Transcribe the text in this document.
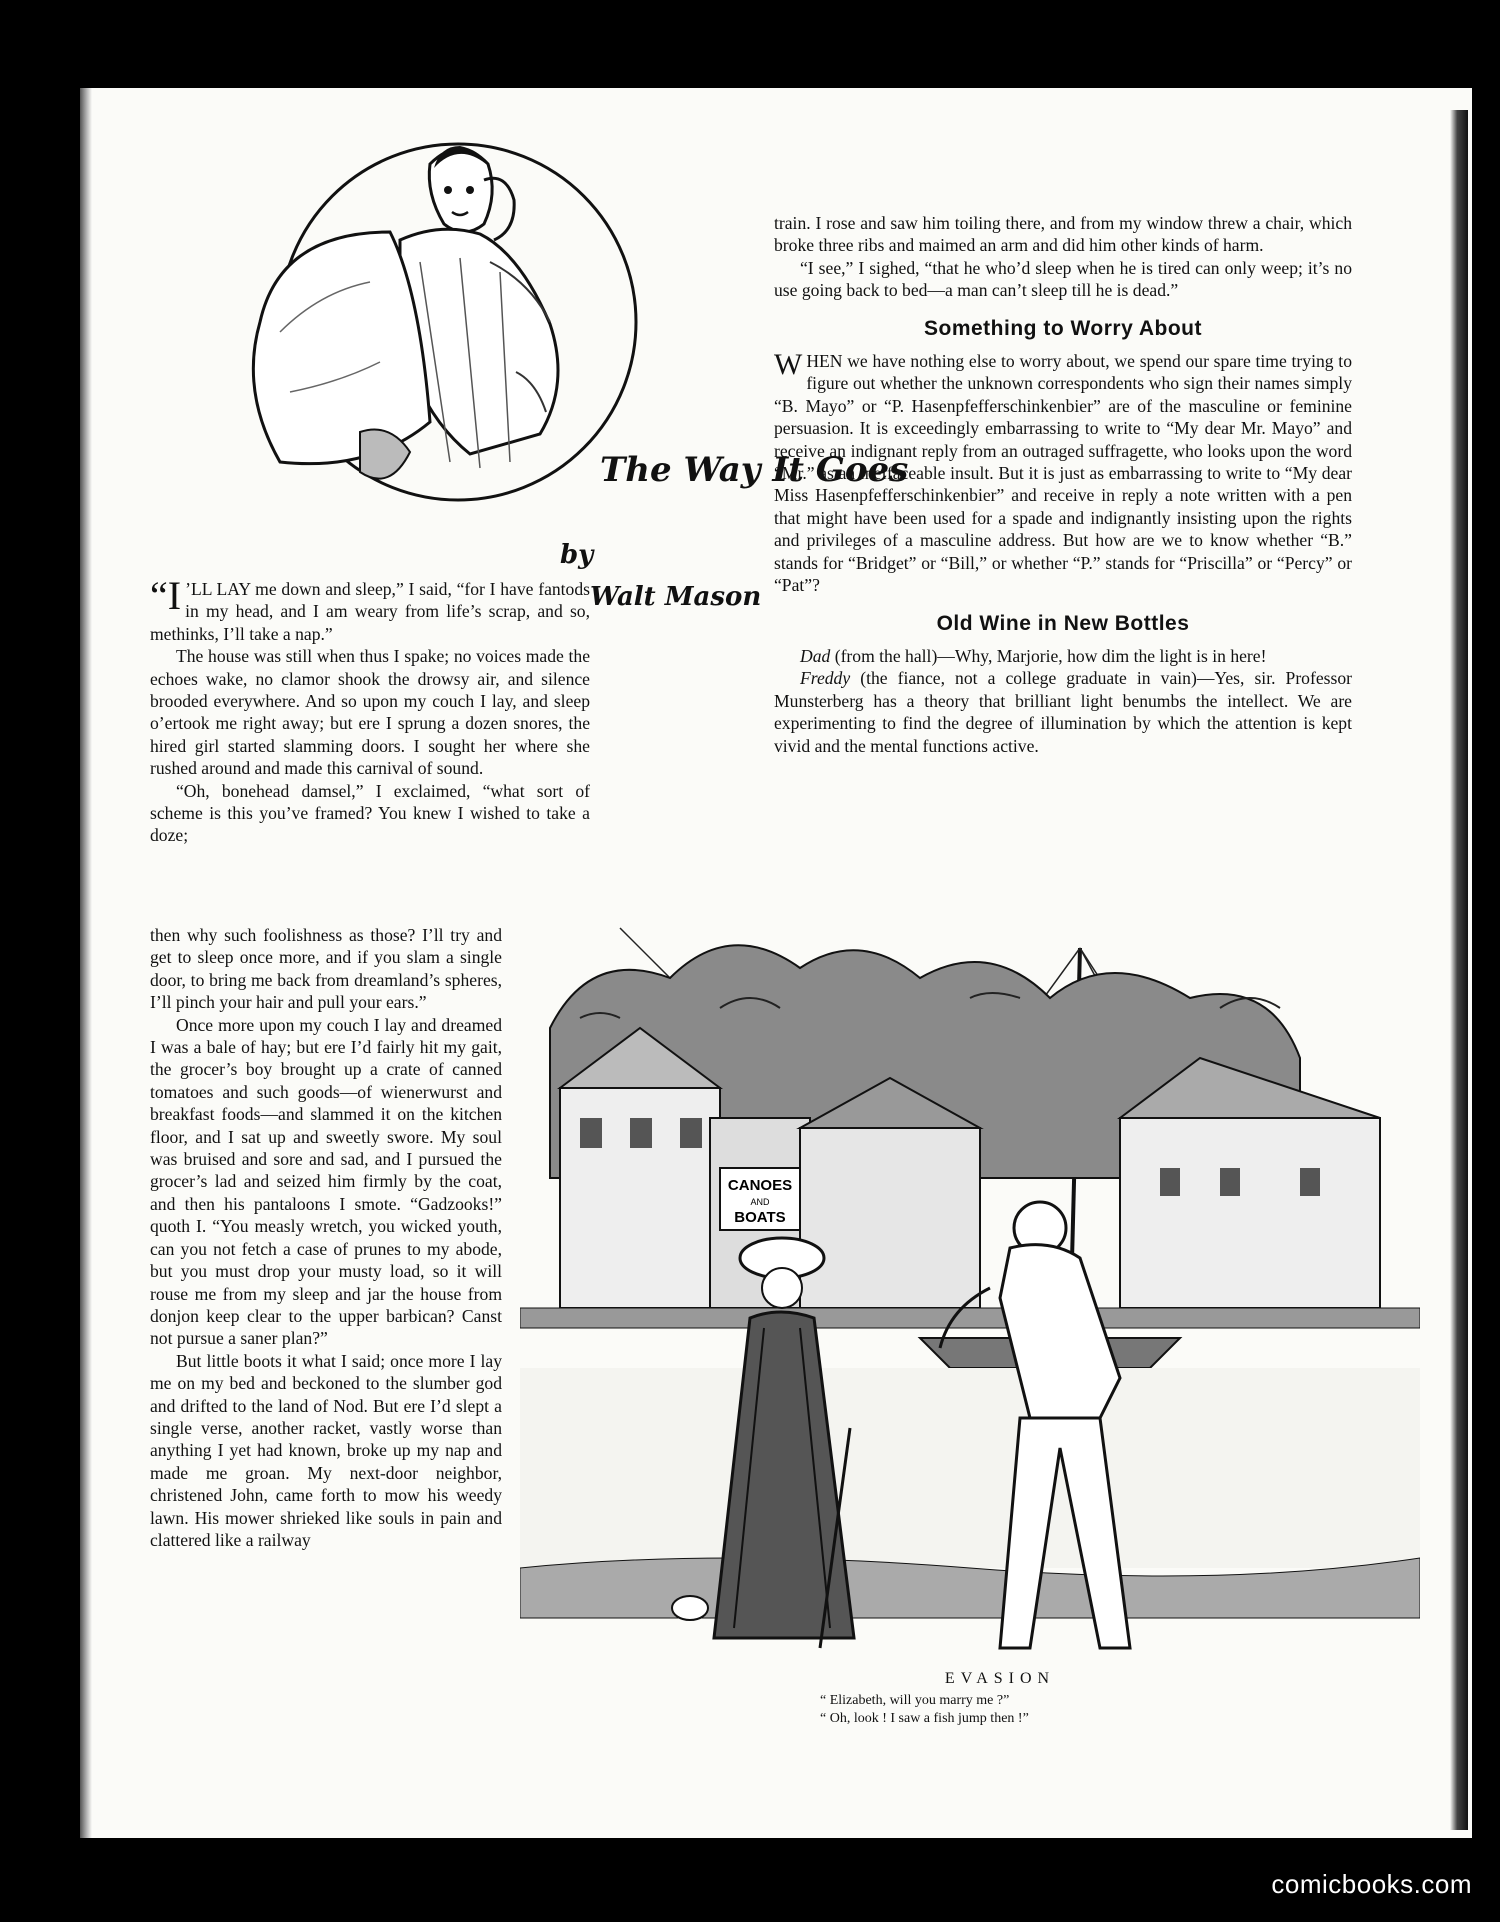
The Way It Goes
by
Walt Mason

“I ’LL LAY me down and sleep,” I said, “for I have fantods in my head, and I am weary from life’s scrap, and so, methinks, I’ll take a nap.”

The house was still when thus I spake; no voices made the echoes wake, no clamor shook the drowsy air, and silence brooded everywhere. And so upon my couch I lay, and sleep o’ertook me right away; but ere I sprung a dozen snores, the hired girl started slamming doors. I sought her where she rushed around and made this carnival of sound.

“Oh, bonehead damsel,” I exclaimed, “what sort of scheme is this you’ve framed? You knew I wished to take a doze;

then why such foolishness as those? I’ll try and get to sleep once more, and if you slam a single door, to bring me back from dreamland’s spheres, I’ll pinch your hair and pull your ears.”

Once more upon my couch I lay and dreamed I was a bale of hay; but ere I’d fairly hit my gait, the grocer’s boy brought up a crate of canned tomatoes and such goods—of wienerwurst and breakfast foods—and slammed it on the kitchen floor, and I sat up and sweetly swore. My soul was bruised and sore and sad, and I pursued the grocer’s lad and seized him firmly by the coat, and then his pantaloons I smote. “Gadzooks!” quoth I. “You measly wretch, you wicked youth, can you not fetch a case of prunes to my abode, but you must drop your musty load, so it will rouse me from my sleep and jar the house from donjon keep clear to the upper barbican? Canst not pursue a saner plan?”

But little boots it what I said; once more I lay me on my bed and beckoned to the slumber god and drifted to the land of Nod. But ere I’d slept a single verse, another racket, vastly worse than anything I yet had known, broke up my nap and made me groan. My next-door neighbor, christened John, came forth to mow his weedy lawn. His mower shrieked like souls in pain and clattered like a railway

train. I rose and saw him toiling there, and from my window threw a chair, which broke three ribs and maimed an arm and did him other kinds of harm.

“I see,” I sighed, “that he who’d sleep when he is tired can only weep; it’s no use going back to bed—a man can’t sleep till he is dead.”

Something to Worry About

WHEN we have nothing else to worry about, we spend our spare time trying to figure out whether the unknown correspondents who sign their names simply “B. Mayo” or “P. Hasenpfefferschinkenbier” are of the masculine or feminine persuasion. It is exceedingly embarrassing to write to “My dear Mr. Mayo” and receive an indignant reply from an outraged suffragette, who looks upon the word “Mr.” as an ineffaceable insult. But it is just as embarrassing to write to “My dear Miss Hasenpfefferschinkenbier” and receive in reply a note written with a pen that might have been used for a spade and indignantly insisting upon the rights and privileges of a masculine address. But how are we to know whether “B.” stands for “Bridget” or “Bill,” or whether “P.” stands for “Priscilla” or “Percy” or “Pat”?

Old Wine in New Bottles

Dad (from the hall)—Why, Marjorie, how dim the light is in here!

Freddy (the fiance, not a college graduate in vain)—Yes, sir. Professor Munsterberg has a theory that brilliant light benumbs the intellect. We are experimenting to find the degree of illumination by which the attention is kept vivid and the mental functions active.

CANOES
AND
BOATS
EVASION
“ Elizabeth, will you marry me ?”
“ Oh, look ! I saw a fish jump then !”
comicbooks.com
